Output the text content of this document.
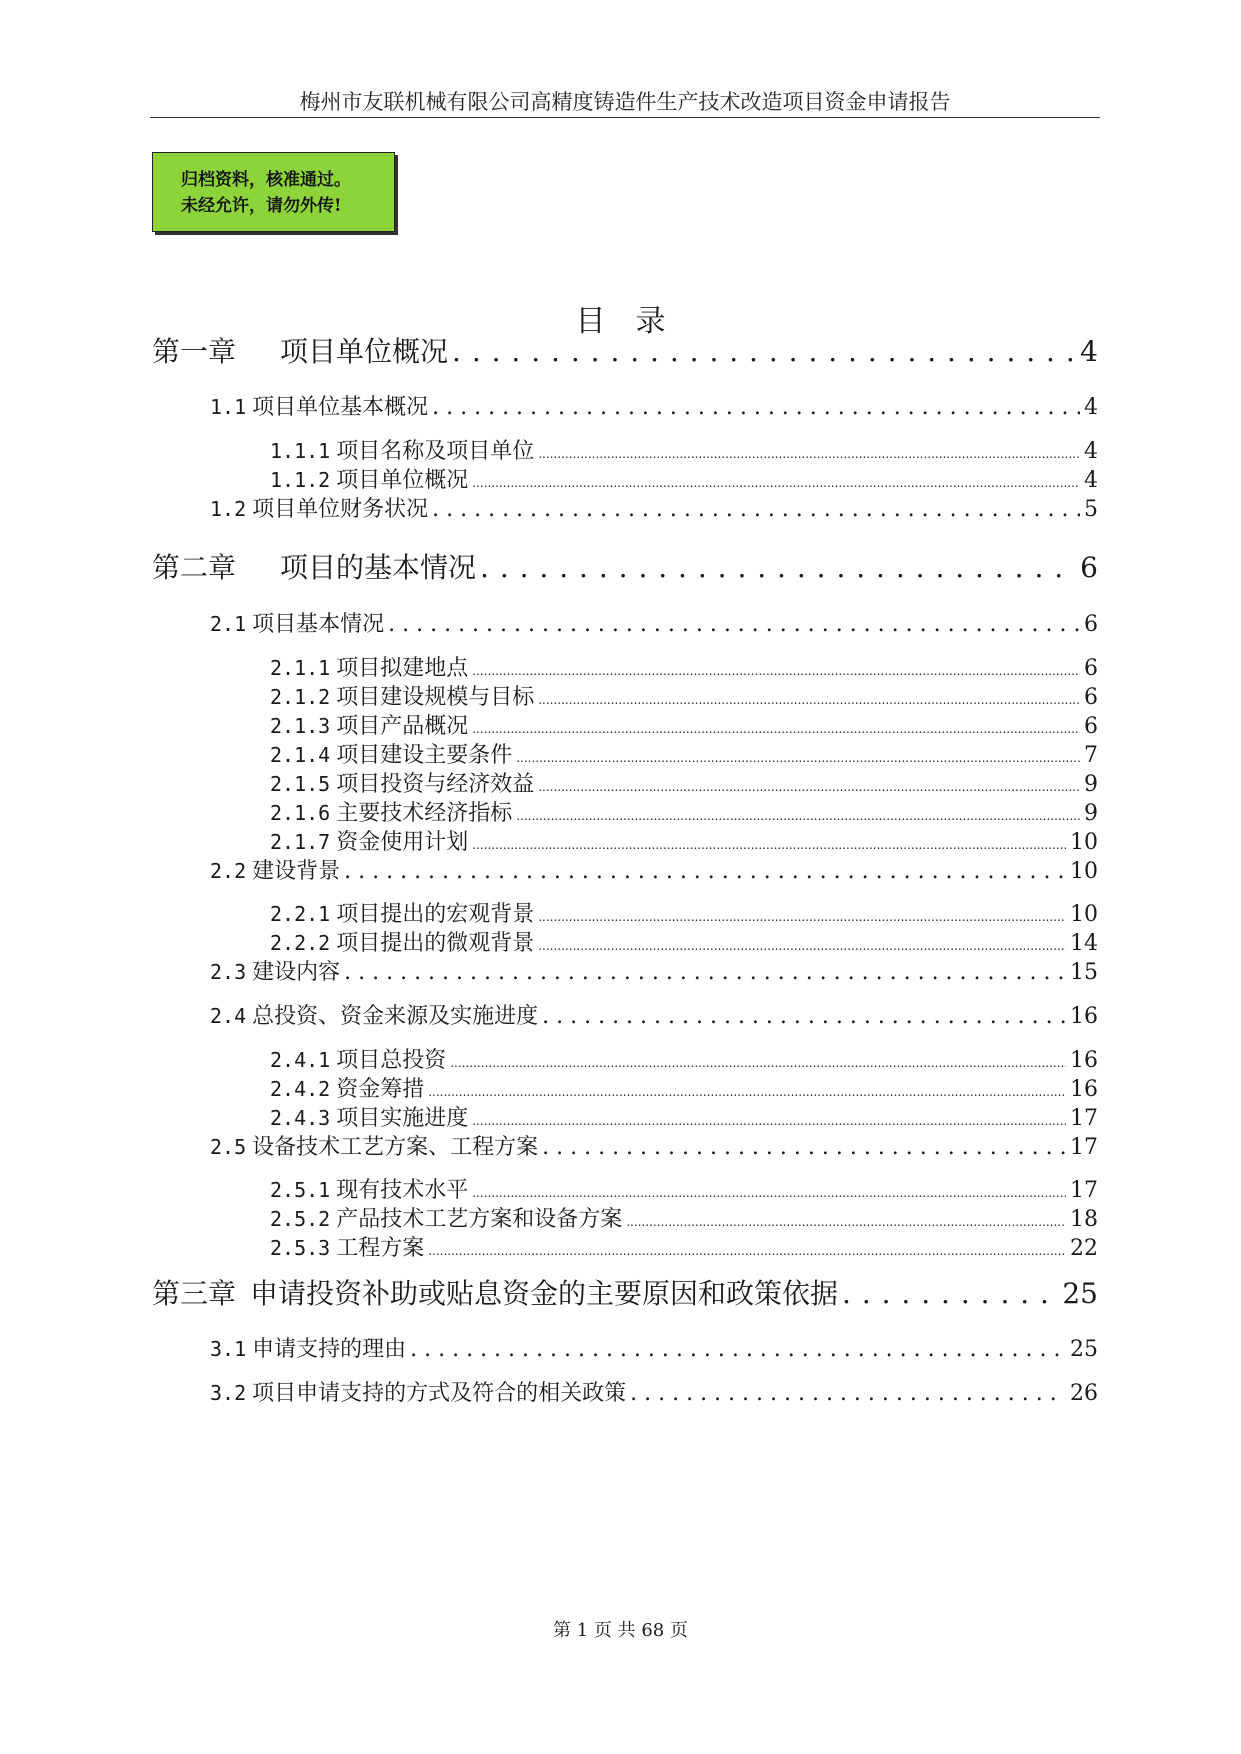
梅州市友联机械有限公司高精度铸造件生产技术改造项目资金申请报告
归档资料，核准通过。
未经允许，请勿外传!
目录
第一章 项目单位概况 . . .	4
1.1 项目单位基本概况 . . .	4
1.1.1 项目名称及项目单位 .....	4
1.1.2 项目单位概况 .....	4
1.2 项目单位财务状况 . . .	5
第二章 项目的基本情况 . . .	6
2.1 项目基本情况 . . .	6
2.1.1 项目拟建地点 .....	6
2.1.2 项目建设规模与目标 .....	6
2.1.3 项目产品概况 .....	6
2.1.4 项目建设主要条件 .....	7
2.1.5 项目投资与经济效益 .....	9
2.1.6 主要技术经济指标 .....	9
2.1.7 资金使用计划 .....	10
2.2 建设背景 . . .	10
2.2.1 项目提出的宏观背景 .....	10
2.2.2 项目提出的微观背景 .....	14
2.3 建设内容 . . .	15
2.4 总投资、资金来源及实施进度 . . .	16
2.4.1 项目总投资 .....	16
2.4.2 资金筹措 .....	16
2.4.3 项目实施进度 .....	17
2.5 设备技术工艺方案、工程方案 . . .	17
2.5.1 现有技术水平 .....	17
2.5.2 产品技术工艺方案和设备方案 .....	18
2.5.3 工程方案 .....	22
第三章 申请投资补助或贴息资金的主要原因和政策依据 . . .	25
3.1 申请支持的理由 . . .	25
3.2 项目申请支持的方式及符合的相关政策 . . .	26
第 1 页 共 68 页
